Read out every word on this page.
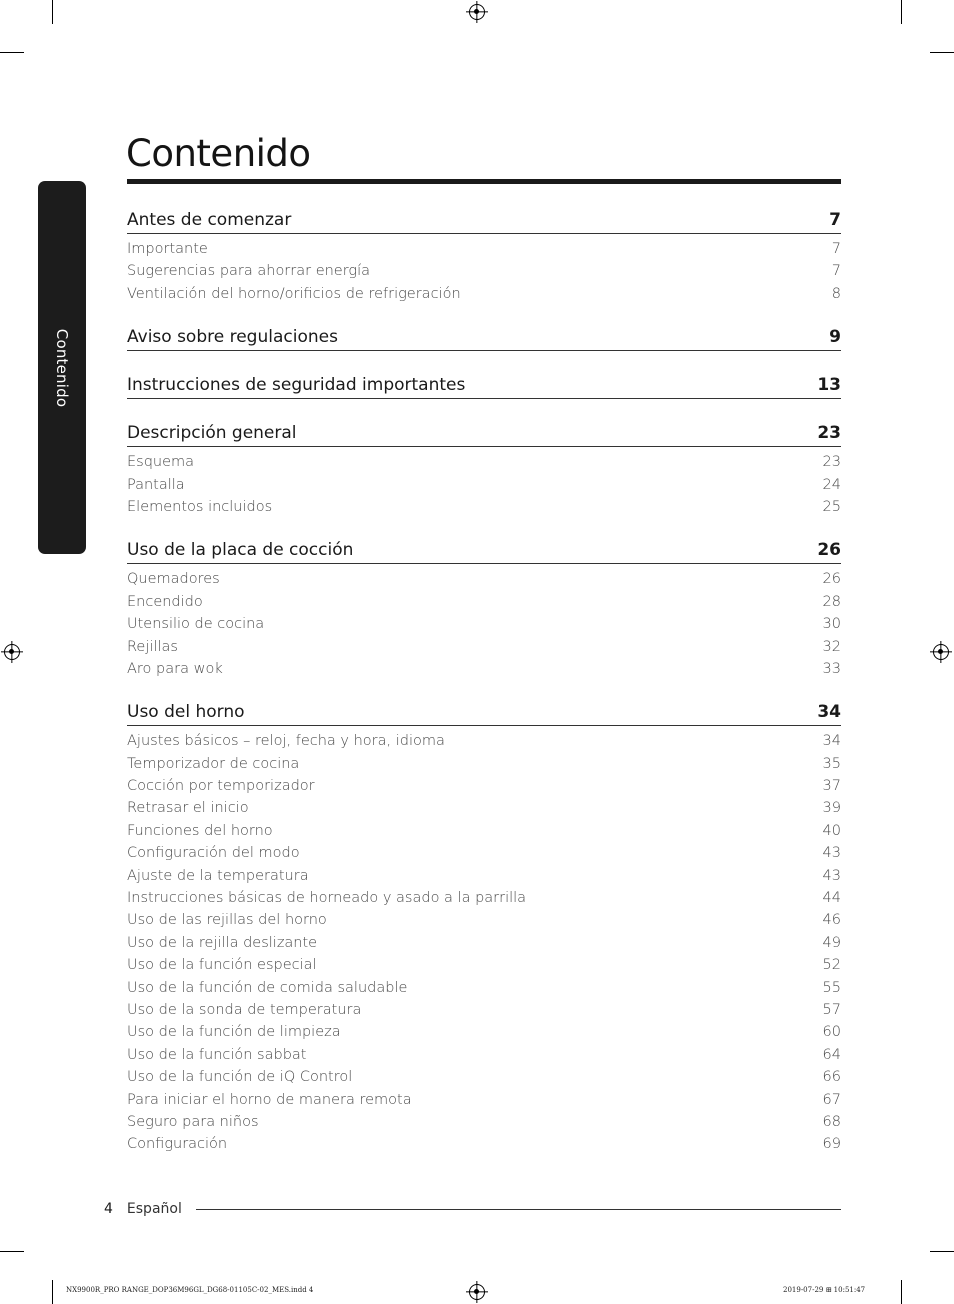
Contenido
Contenido
Antes de comenzar	7
Importante	7
Sugerencias para ahorrar energía	7
Ventilación del horno/orificios de refrigeración	8
Aviso sobre regulaciones	9
Instrucciones de seguridad importantes	13
Descripción general	23
Esquema	23
Pantalla	24
Elementos incluidos	25
Uso de la placa de cocción	26
Quemadores	26
Encendido	28
Utensilio de cocina	30
Rejillas	32
Aro para wok	33
Uso del horno	34
Ajustes básicos – reloj, fecha y hora, idioma	34
Temporizador de cocina	35
Cocción por temporizador	37
Retrasar el inicio	39
Funciones del horno	40
Configuración del modo	43
Ajuste de la temperatura	43
Instrucciones básicas de horneado y asado a la parrilla	44
Uso de las rejillas del horno	46
Uso de la rejilla deslizante	49
Uso de la función especial	52
Uso de la función de comida saludable	55
Uso de la sonda de temperatura	57
Uso de la función de limpieza	60
Uso de la función sabbat	64
Uso de la función de iQ Control	66
Para iniciar el horno de manera remota	67
Seguro para niños	68
Configuración	69
4 Español
NX9900R_PRO RANGE_DOP36M96GL_DG68-01105C-02_MES.indd 4	2019-07-29 ⊞ 10:51:47
